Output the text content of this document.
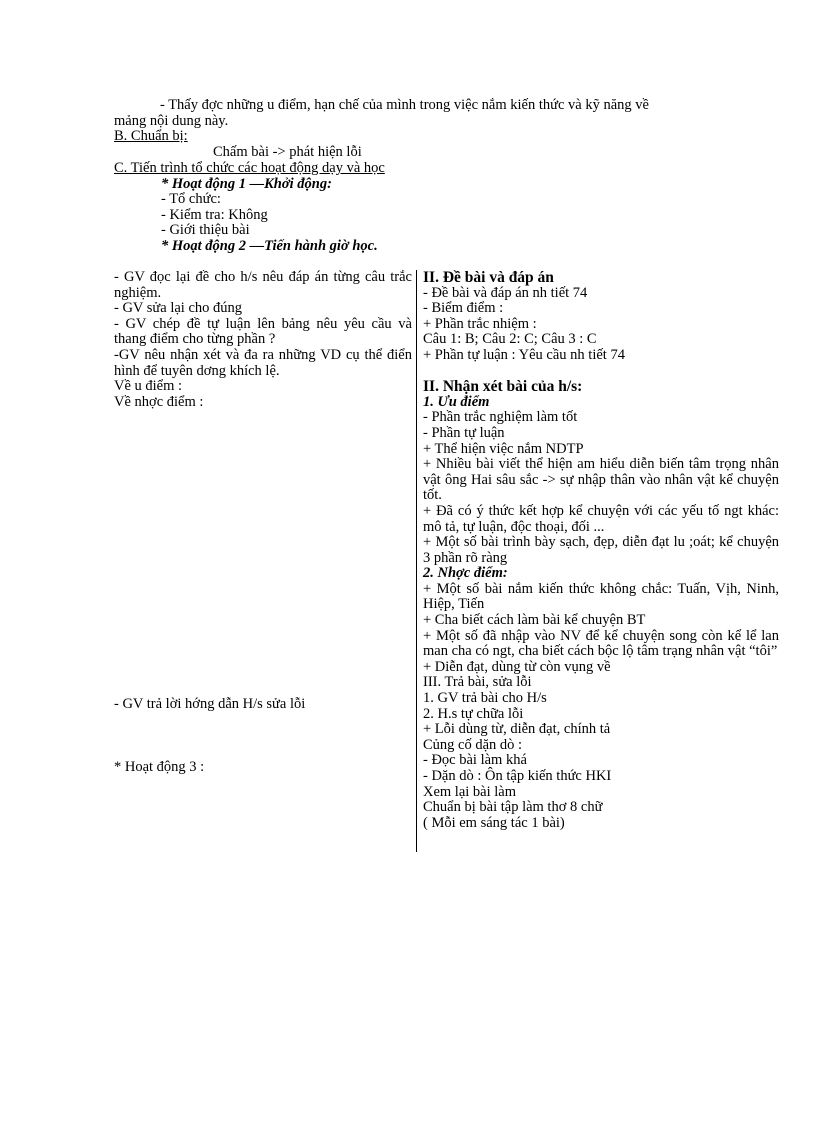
- Thấy đợc những u điểm, hạn chế của mình trong việc nắm kiến thức và kỹ năng về
mảng nội dung này.
B. Chuẩn bị:
Chấm bài -> phát hiện lỗi
C. Tiến trình tổ chức các hoạt động dạy và học
* Hoạt động 1 —Khởi động:
- Tổ chức:
- Kiểm tra: Không
- Giới thiệu bài
* Hoạt động 2 —Tiến hành giờ học.
- GV đọc lại đề cho h/s nêu đáp án từng câu trắc nghiệm.
- GV sửa lại cho đúng
- GV chép đề tự luận lên bảng nêu yêu cầu và thang điểm cho từng phần ?
-GV nêu nhận xét và đa ra những VD cụ thể điển hình để tuyên dơng khích lệ.
Về u điểm :
Về nhợc điểm :
- GV trả lời hớng dẫn H/s sửa lỗi
* Hoạt động 3 :
II. Đề bài và đáp án
- Đề bài và đáp án nh tiết 74
- Biểm điểm :
+ Phần trắc nhiệm :
Câu 1: B; Câu 2: C; Câu 3 : C
+ Phần tự luận : Yêu cầu nh tiết 74
II. Nhận xét bài của h/s:
1. Ưu điểm
- Phần trắc nghiệm làm tốt
- Phần tự luận
+ Thể hiện việc nắm NDTP
+ Nhiều bài viết thể hiện am hiểu diễn biến tâm trọng nhân vật ông Hai sâu sắc -> sự nhập thân vào nhân vật kể chuyện tốt.
+ Đã có ý thức kết hợp kể chuyện với các yếu tố ngt khác: mô tả, tự luận, độc thoại, đối ...
+ Một số bài trình bày sạch, đẹp, diễn đạt lu ;oát; kể chuyện 3 phần rõ ràng
2. Nhợc điểm:
+ Một số bài nắm kiến thức không chắc: Tuấn, Vịh, Ninh, Hiệp, Tiến
+ Cha biết cách làm bài kể chuyện BT
+ Một số đã nhập vào NV để kể chuyện song còn kể lể lan man cha có ngt, cha biết cách bộc lộ tâm trạng nhân vật “tôi”
+ Diễn đạt, dùng từ còn vụng về
III. Trả bài, sửa lỗi
1. GV trả bài cho H/s
2. H.s tự chữa lỗi
+ Lỗi dùng từ, diễn đạt, chính tả
Củng cố dặn dò :
- Đọc bài làm khá
- Dặn dò : Ôn tập kiến thức HKI
Xem lại bài làm
Chuẩn bị bài tập làm thơ 8 chữ
( Mỗi em sáng tác 1 bài)
